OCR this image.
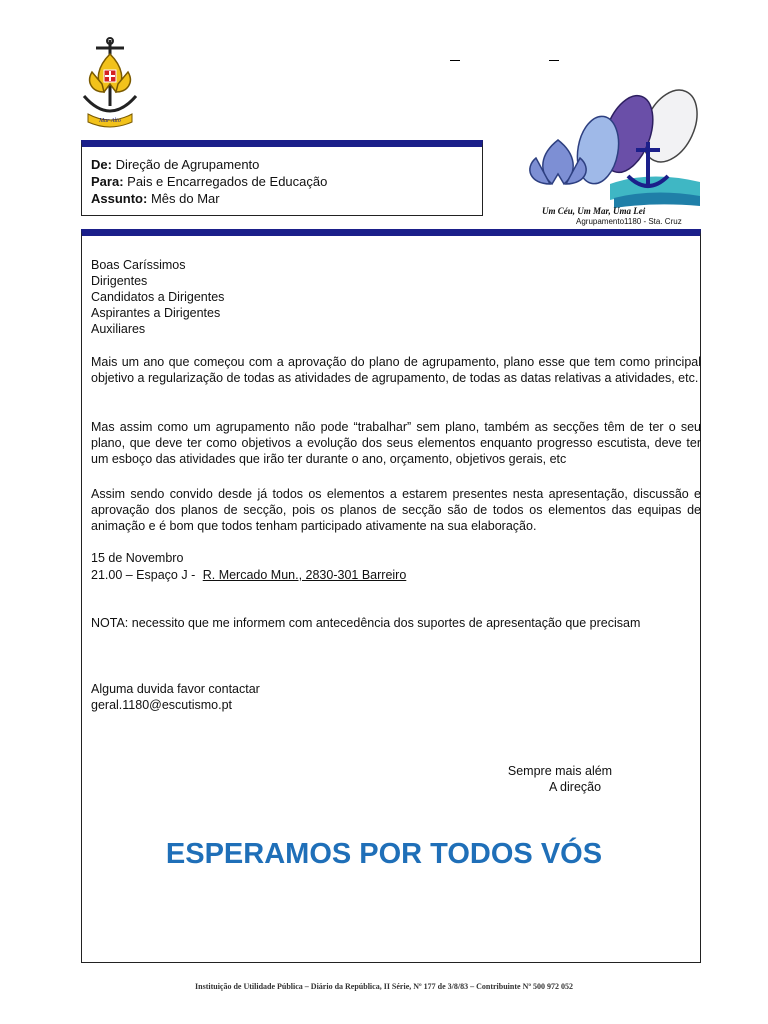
Mar Alto
De: Direção de Agrupamento
Para: Pais e Encarregados de Educação
Assunto: Mês do Mar
Um Céu, Um Mar, Uma Lei
Agrupamento1180 - Sta. Cruz
Boas Caríssimos
Dirigentes
Candidatos a Dirigentes
Aspirantes a Dirigentes
Auxiliares
Mais um ano que começou com a aprovação do plano de agrupamento, plano esse que tem como principal objetivo a regularização de todas as atividades de agrupamento, de todas as datas relativas a atividades, etc.
Mas assim como um agrupamento não pode “trabalhar” sem plano, também as secções têm de ter o seu plano, que deve ter como objetivos a evolução dos seus elementos enquanto progresso escutista, deve ter um esboço das atividades que irão ter durante o ano, orçamento, objetivos gerais, etc
Assim sendo convido desde já todos os elementos a estarem presentes nesta apresentação, discussão e aprovação dos planos de secção, pois os planos de secção são de todos os elementos das equipas de animação e é bom que todos tenham participado ativamente na sua elaboração.
15 de Novembro
21.00 – Espaço J - R. Mercado Mun., 2830-301 Barreiro
NOTA: necessito que me informem com antecedência dos suportes de apresentação que precisam
Alguma duvida favor contactar
geral.1180@escutismo.pt
Sempre mais além
A direção
ESPERAMOS POR TODOS VÓS
Instituição de Utilidade Pública – Diário da República, II Série, Nº 177 de 3/8/83 – Contribuinte Nº 500 972 052
